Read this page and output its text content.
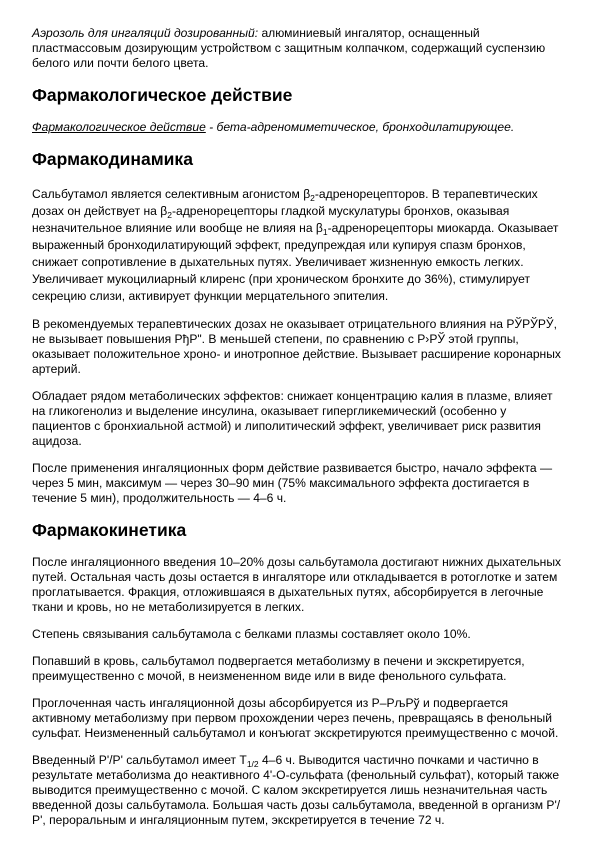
Аэрозоль для ингаляций дозированный: алюминиевый ингалятор, оснащенный пластмассовым дозирующим устройством с защитным колпачком, содержащий суспензию белого или почти белого цвета.

Фармакологическое действие

Фармакологическое действие - бета-адреномиметическое, бронходилатирующее.

Фармакодинамика

Сальбутамол является селективным агонистом $\beta_2$-адренорецепторов. В терапевтических дозах он действует на $\beta_2$-адренорецепторы гладкой мускулатуры бронхов, оказывая незначительное влияние или вообще не влияя на $\beta_1$-адренорецепторы миокарда. Оказывает выраженный бронходилатирующий эффект, предупреждая или купируя спазм бронхов, снижает сопротивление в дыхательных путях. Увеличивает жизненную емкость легких. Увеличивает мукоцилиарный клиренс (при хроническом бронхите до 36%), стимулирует секрецию слизи, активирует функции мерцательного эпителия.

В рекомендуемых терапевтических дозах не оказывает отрицательного влияния на РЎРЎРЎ, не вызывает повышения РђР". В меньшей степени, по сравнению с Р›РЎ этой группы, оказывает положительное хроно- и инотропное действие. Вызывает расширение коронарных артерий.

Обладает рядом метаболических эффектов: снижает концентрацию калия в плазме, влияет на гликогенолиз и выделение инсулина, оказывает гипергликемический (особенно у пациентов с бронхиальной астмой) и липолитический эффект, увеличивает риск развития ацидоза.

После применения ингаляционных форм действие развивается быстро, начало эффекта — через 5 мин, максимум — через 30–90 мин (75% максимального эффекта достигается в течение 5 мин), продолжительность — 4–6 ч.

Фармакокинетика

После ингаляционного введения 10–20% дозы сальбутамола достигают нижних дыхательных путей. Остальная часть дозы остается в ингаляторе или откладывается в ротоглотке и затем проглатывается. Фракция, отложившаяся в дыхательных путях, абсорбируется в легочные ткани и кровь, но не метаболизируется в легких.

Степень связывания сальбутамола с белками плазмы составляет около 10%.

Попавший в кровь, сальбутамол подвергается метаболизму в печени и экскретируется, преимущественно с мочой, в неизмененном виде или в виде фенольного сульфата.

Проглоченная часть ингаляционной дозы абсорбируется из Р–РљРў и подвергается активному метаболизму при первом прохождении через печень, превращаясь в фенольный сульфат. Неизмененный сальбутамол и конъюгат экскретируются преимущественно с мочой.

Введенный Р'/Р' сальбутамол имеет $T_{1/2}$ 4–6 ч. Выводится частично почками и частично в результате метаболизма до неактивного 4'-О-сульфата (фенольный сульфат), который также выводится преимущественно с мочой. С калом экскретируется лишь незначительная часть введенной дозы сальбутамола. Большая часть дозы сальбутамола, введенной в организм Р'/Р', пероральным и ингаляционным путем, экскретируется в течение 72 ч.
